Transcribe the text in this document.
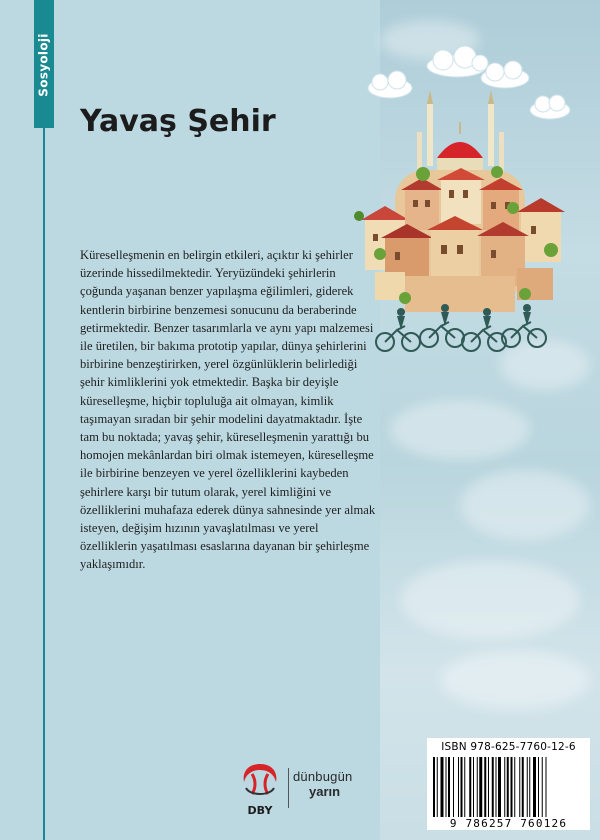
Sosyoloji
Yavaş Şehir

Küreselleşmenin en belirgin etkileri, açıktır ki şehirler üzerinde hissedilmektedir. Yeryüzündeki şehirlerin çoğunda yaşanan benzer yapılaşma eğilimleri, giderek kentlerin birbirine benzemesi sonucunu da beraberinde getirmektedir. Benzer tasarımlarla ve aynı yapı malzemesi ile üretilen, bir bakıma prototip yapılar, dünya şehirlerini birbirine benzeştirirken, yerel özgünlüklerin belirlediği şehir kimliklerini yok etmektedir. Başka bir deyişle küreselleşme, hiçbir topluluğa ait olmayan, kimlik taşımayan sıradan bir şehir modelini dayatmaktadır. İşte tam bu noktada; yavaş şehir, küreselleşmenin yarattığı bu homojen mekânlardan biri olmak istemeyen, küreselleşme ile birbirine benzeyen ve yerel özelliklerini kaybeden şehirlere karşı bir tutum olarak, yerel kimliğini ve özelliklerini muhafaza ederek dünya sahnesinde yer almak isteyen, değişim hızının yavaşlatılması ve yerel özelliklerin yaşatılması esaslarına dayanan bir şehirleşme yaklaşımıdır.

DBY
dünbugün
yarın
ISBN 978-625-7760-12-6
9 786257 760126
